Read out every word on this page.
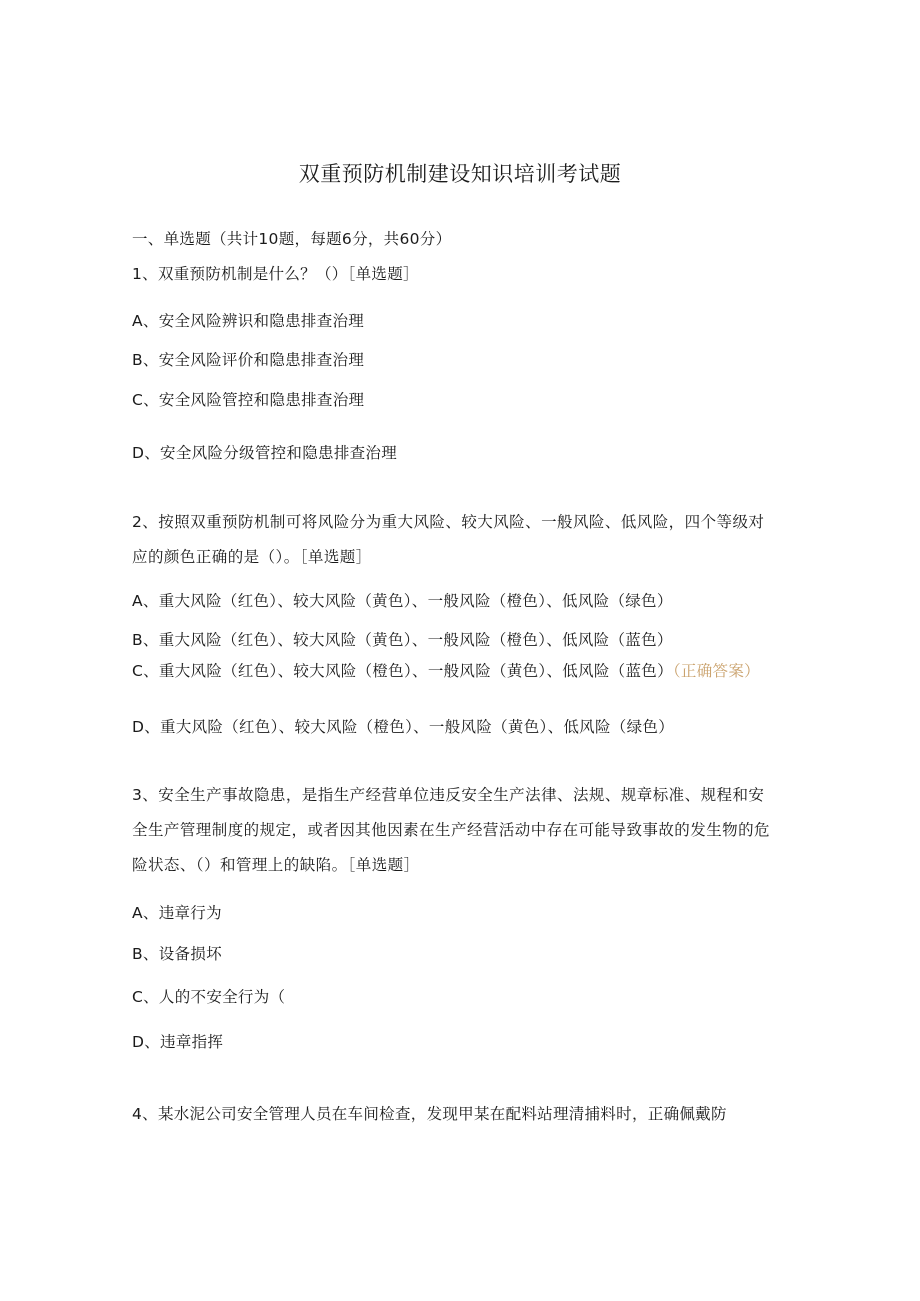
双重预防机制建设知识培训考试题
一、单选题（共计10题，每题6分，共60分）
1、双重预防机制是什么？（）［单选题］
A、安全风险辨识和隐患排查治理
B、安全风险评价和隐患排查治理
C、安全风险管控和隐患排查治理
D、安全风险分级管控和隐患排查治理
2、按照双重预防机制可将风险分为重大风险、较大风险、一般风险、低风险，四个等级对应的颜色正确的是（）。［单选题］
A、重大风险（红色）、较大风险（黄色）、一般风险（橙色）、低风险（绿色）
B、重大风险（红色）、较大风险（黄色）、一般风险（橙色）、低风险（蓝色）
C、重大风险（红色）、较大风险（橙色）、一般风险（黄色）、低风险（蓝色）（正确答案）
D、重大风险（红色）、较大风险（橙色）、一般风险（黄色）、低风险（绿色）
3、安全生产事故隐患，是指生产经营单位违反安全生产法律、法规、规章标准、规程和安全生产管理制度的规定，或者因其他因素在生产经营活动中存在可能导致事故的发生物的危险状态、（）和管理上的缺陷。［单选题］
A、违章行为
B、设备损坏
C、人的不安全行为（
D、违章指挥
4、某水泥公司安全管理人员在车间检查，发现甲某在配料站理清捕料时，正确佩戴防
